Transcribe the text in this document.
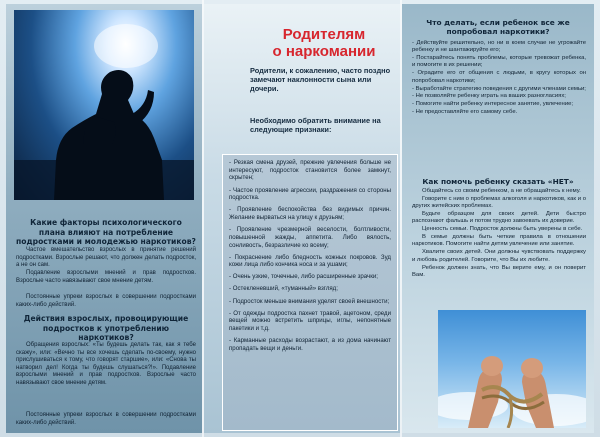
Какие факторы психологического плана влияют на потребление подростками и молодежью наркотиков?
Частое вмешательство взрослых в принятие решений подростками. Взрослые решают, что должен делать подросток, а не он сам.
Подавление взрослыми мнений и прав подростков. Взрослые часто навязывают свое мнение детям.
Постоянные упреки взрослых в совершении подростками каких-либо действий.
Действия взрослых, провоцирующие подростков к употреблению наркотиков?
Обращения взрослых: «Ты будешь делать так, как я тебе скажу», или: «Вечно ты все хочешь сделать по-своему, нужно прислушиваться к тому, что говорят старшие», или: «Снова ты натворил дел! Когда ты будешь слушаться?!». Подавление взрослыми мнений и прав подростков. Взрослые часто навязывают свое мнение детям.
Постоянные упреки взрослых в совершении подростками каких-либо действий.
Родителям
о наркомании
Родители, к сожалению, часто поздно замечают наклонности сына или дочери.
Необходимо обратить внимание на следующие признаки:
- Резкая смена друзей, прежние увлечения больше не интересуют, подросток становится более замкнут, скрытен;
- Частое проявление агрессии, раздражения со стороны подростка.
- Проявление беспокойства без видимых причин. Желание вырваться на улицу к друзьям;
- Проявление чрезмерной веселости, болтливости, повышенной жажды, аппетита. Либо вялость, сонливость, безразличие ко всему;
- Покраснение либо бледность кожных покровов. Зуд кожи лица либо кончика носа и за ушами;
- Очень узкие, точечные, либо расширенные зрачки;
- Остекленевший, «туманный» взгляд;
- Подросток меньше внимания уделят своей внешности;
- От одежды подростка пахнет травой, ацетоном, среди вещей можно встретить шприцы, иглы, непонятные пакетики и т.д.
- Карманные расходы возрастают, а из дома начинают пропадать вещи и деньги.
Что делать, если ребенок все же попробовал наркотики?
- Действуйте решительно, но ни в коем случае не угрожайте ребенку и не шантажируйте его;
- Постарайтесь понять проблемы, которые тревожат ребенка, и помогите в их решении;
- Оградите его от общения с людьми, в кругу которых он попробовал наркотики;
- Выработайте стратегию поведения с другими членами семьи;
- Не позволяйте ребенку играть на ваших разногласиях;
- Помогите найти ребенку интересное занятие, увлечение;
- Не предоставляйте его самому себе.
Как помочь ребенку сказать «НЕТ»
Общайтесь со своим ребенком, а не обращайтесь к нему.
Говорите с ним о проблемах алкоголя и наркотиков, как и о других житейских проблемах.
Будьте образцом для своих детей. Дети быстро распознают фальшь и потом трудно завоевать их доверие.
Ценность семьи. Подросток должны быть уверены в себе.
В семье должны быть четкие правила в отношении наркотиков. Помогите найти детям увлечение или занятие.
Хвалите своих детей. Они должны чувствовать поддержку и любовь родителей. Говорите, что Вы их любите.
Ребенок должен знать, что Вы верите ему, и он поверит Вам.
